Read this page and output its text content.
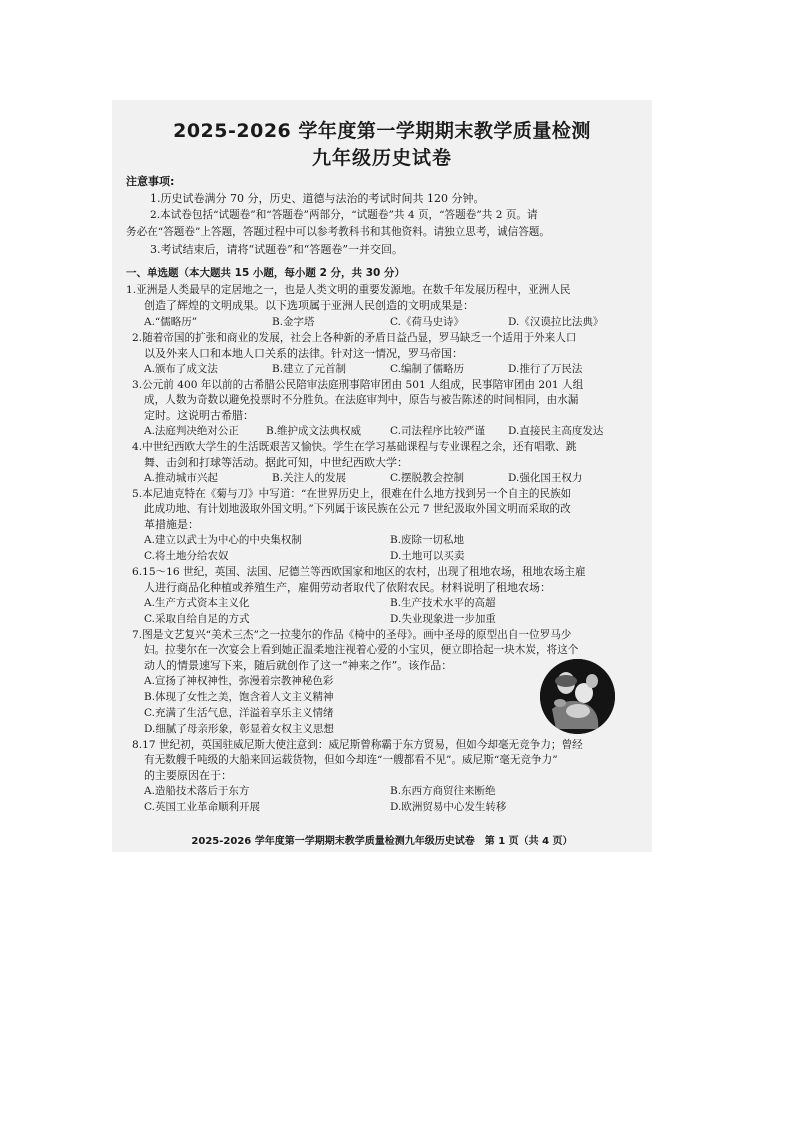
2025-2026 学年度第一学期期末教学质量检测
九年级历史试卷
注意事项:
1.历史试卷满分 70 分，历史、道德与法治的考试时间共 120 分钟。
2.本试卷包括“试题卷”和“答题卷”两部分，“试题卷”共 4 页，“答题卷”共 2 页。请
务必在“答题卷”上答题，答题过程中可以参考教科书和其他资料。请独立思考，诚信答题。
3.考试结束后，请将“试题卷”和“答题卷”一并交回。
一、单选题（本大题共 15 小题，每小题 2 分，共 30 分）
1.亚洲是人类最早的定居地之一，也是人类文明的重要发源地。在数千年发展历程中，亚洲人民
创造了辉煌的文明成果。以下选项属于亚洲人民创造的文明成果是：
A.“儒略历”	B.金字塔	C.《荷马史诗》	D.《汉谟拉比法典》
2.随着帝国的扩张和商业的发展，社会上各种新的矛盾日益凸显，罗马缺乏一个适用于外来人口
以及外来人口和本地人口关系的法律。针对这一情况，罗马帝国：
A.颁布了成文法	B.建立了元首制	C.编制了儒略历	D.推行了万民法
3.公元前 400 年以前的古希腊公民陪审法庭刑事陪审团由 501 人组成，民事陪审团由 201 人组
成，人数为奇数以避免投票时不分胜负。在法庭审判中，原告与被告陈述的时间相同，由水漏
定时。这说明古希腊：
A.法庭判决绝对公正	B.维护成文法典权威	C.司法程序比较严谨 D.直接民主高度发达
4.中世纪西欧大学生的生活既艰苦又愉快。学生在学习基础课程与专业课程之余，还有唱歌、跳
舞、击剑和打球等活动。据此可知，中世纪西欧大学：
A.推动城市兴起	B.关注人的发展	C.摆脱教会控制	D.强化国王权力
5.本尼迪克特在《菊与刀》中写道：“在世界历史上，很难在什么地方找到另一个自主的民族如
此成功地、有计划地汲取外国文明。”下列属于该民族在公元 7 世纪汲取外国文明而采取的改
革措施是：
A.建立以武士为中心的中央集权制	B.废除一切私地
C.将土地分给农奴	D.土地可以买卖
6.15～16 世纪，英国、法国、尼德兰等西欧国家和地区的农村，出现了租地农场，租地农场主雇
人进行商品化种植或养殖生产，雇佣劳动者取代了依附农民。材料说明了租地农场：
A.生产方式资本主义化	B.生产技术水平的高超
C.采取自给自足的方式	D.失业现象进一步加重
7.图是文艺复兴“美术三杰”之一拉斐尔的作品《椅中的圣母》。画中圣母的原型出自一位罗马少
妇。拉斐尔在一次宴会上看到她正温柔地注视着心爱的小宝贝，便立即拾起一块木炭，将这个
动人的情景速写下来，随后就创作了这一“神来之作”。该作品：
A.宣扬了神权神性，弥漫着宗教神秘色彩
B.体现了女性之美，饱含着人文主义精神
C.充满了生活气息，洋溢着享乐主义情绪
D.细腻了母亲形象，彰显着女权主义思想
8.17 世纪初，英国驻威尼斯大使注意到：威尼斯曾称霸于东方贸易，但如今却毫无竞争力；曾经
有无数艘千吨级的大船来回运载货物，但如今却连“一艘都看不见”。威尼斯“毫无竞争力”
的主要原因在于：
A.造船技术落后于东方	B.东西方商贸往来断绝
C.英国工业革命顺利开展	D.欧洲贸易中心发生转移
2025-2026 学年度第一学期期末教学质量检测九年级历史试卷　第 1 页（共 4 页）
